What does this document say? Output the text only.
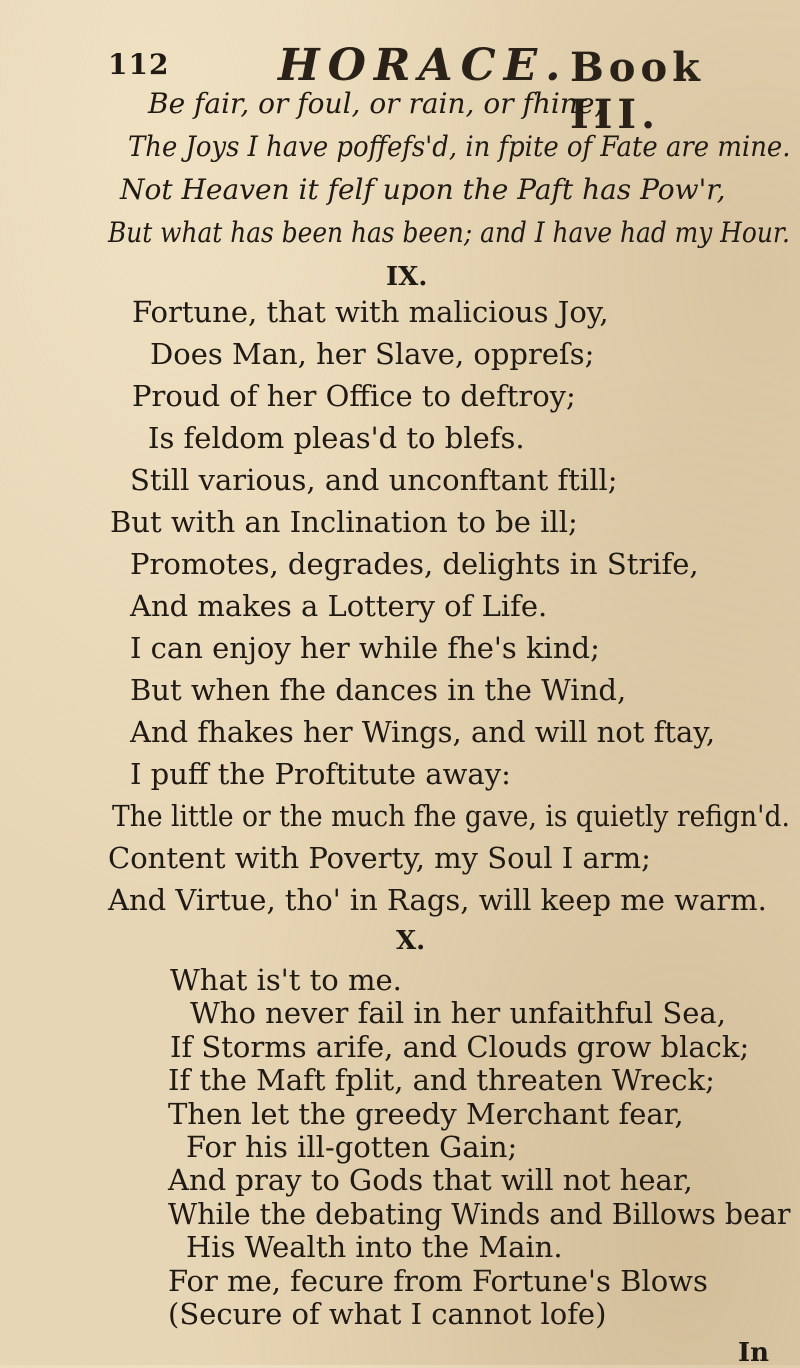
112 HORACE. Book III.
Be fair, or foul, or rain, or fhine,
The Joys I have poffefs'd, in fpite of Fate are mine.
Not Heaven it felf upon the Paft has Pow'r,
But what has been has been; and I have had my Hour.
IX.
Fortune, that with malicious Joy,
Does Man, her Slave, oppreſs;
Proud of her Office to deftroy;
Is feldom pleas'd to blefs.
Still various, and unconftant ftill;
But with an Inclination to be ill;
Promotes, degrades, delights in Strife,
And makes a Lottery of Life.
I can enjoy her while fhe's kind;
But when fhe dances in the Wind,
And fhakes her Wings, and will not ftay,
I puff the Proftitute away:
The little or the much fhe gave, is quietly refign'd.
Content with Poverty, my Soul I arm;
And Virtue, tho' in Rags, will keep me warm.
X.
What is't to me.
Who never fail in her unfaithful Sea,
If Storms arife, and Clouds grow black;
If the Maft fplit, and threaten Wreck;
Then let the greedy Merchant fear,
For his ill-gotten Gain;
And pray to Gods that will not hear,
While the debating Winds and Billows bear
His Wealth into the Main.
For me, fecure from Fortune's Blows
(Secure of what I cannot lofe)
In
